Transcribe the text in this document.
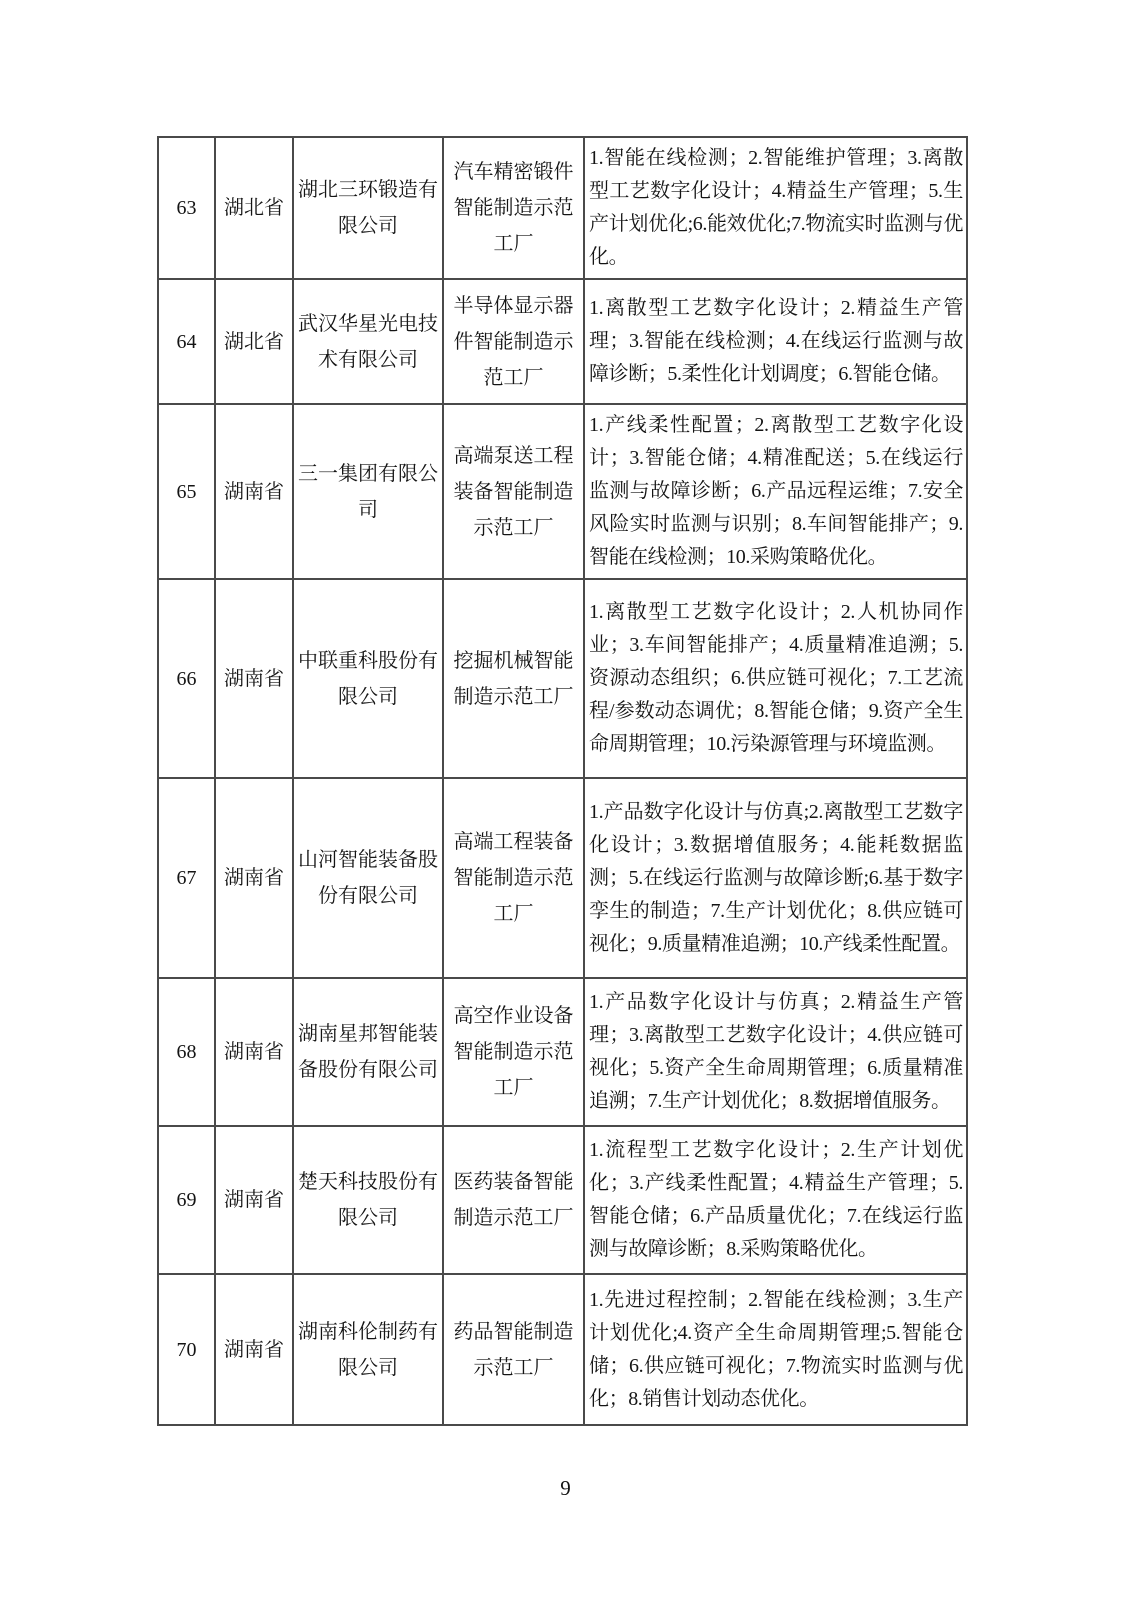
63	湖北省	湖北三环锻造有限公司	汽车精密锻件智能制造示范工厂	1.智能在线检测；2.智能维护管理；3.离散型工艺数字化设计；4.精益生产管理；5.生产计划优化;6.能效优化;7.物流实时监测与优化。
64	湖北省	武汉华星光电技术有限公司	半导体显示器件智能制造示范工厂	1.离散型工艺数字化设计；2.精益生产管理；3.智能在线检测；4.在线运行监测与故障诊断；5.柔性化计划调度；6.智能仓储。
65	湖南省	三一集团有限公司	高端泵送工程装备智能制造示范工厂	1.产线柔性配置；2.离散型工艺数字化设计；3.智能仓储；4.精准配送；5.在线运行监测与故障诊断；6.产品远程运维；7.安全风险实时监测与识别；8.车间智能排产；9.智能在线检测；10.采购策略优化。
66	湖南省	中联重科股份有限公司	挖掘机械智能制造示范工厂	1.离散型工艺数字化设计；2.人机协同作业；3.车间智能排产；4.质量精准追溯；5.资源动态组织；6.供应链可视化；7.工艺流程/参数动态调优；8.智能仓储；9.资产全生命周期管理；10.污染源管理与环境监测。
67	湖南省	山河智能装备股份有限公司	高端工程装备智能制造示范工厂	1.产品数字化设计与仿真;2.离散型工艺数字化设计；3.数据增值服务；4.能耗数据监测；5.在线运行监测与故障诊断;6.基于数字孪生的制造；7.生产计划优化；8.供应链可视化；9.质量精准追溯；10.产线柔性配置。
68	湖南省	湖南星邦智能装备股份有限公司	高空作业设备智能制造示范工厂	1.产品数字化设计与仿真；2.精益生产管理；3.离散型工艺数字化设计；4.供应链可视化；5.资产全生命周期管理；6.质量精准追溯；7.生产计划优化；8.数据增值服务。
69	湖南省	楚天科技股份有限公司	医药装备智能制造示范工厂	1.流程型工艺数字化设计；2.生产计划优化；3.产线柔性配置；4.精益生产管理；5.智能仓储；6.产品质量优化；7.在线运行监测与故障诊断；8.采购策略优化。
70	湖南省	湖南科伦制药有限公司	药品智能制造示范工厂	1.先进过程控制；2.智能在线检测；3.生产计划优化;4.资产全生命周期管理;5.智能仓储；6.供应链可视化；7.物流实时监测与优化；8.销售计划动态优化。
9
